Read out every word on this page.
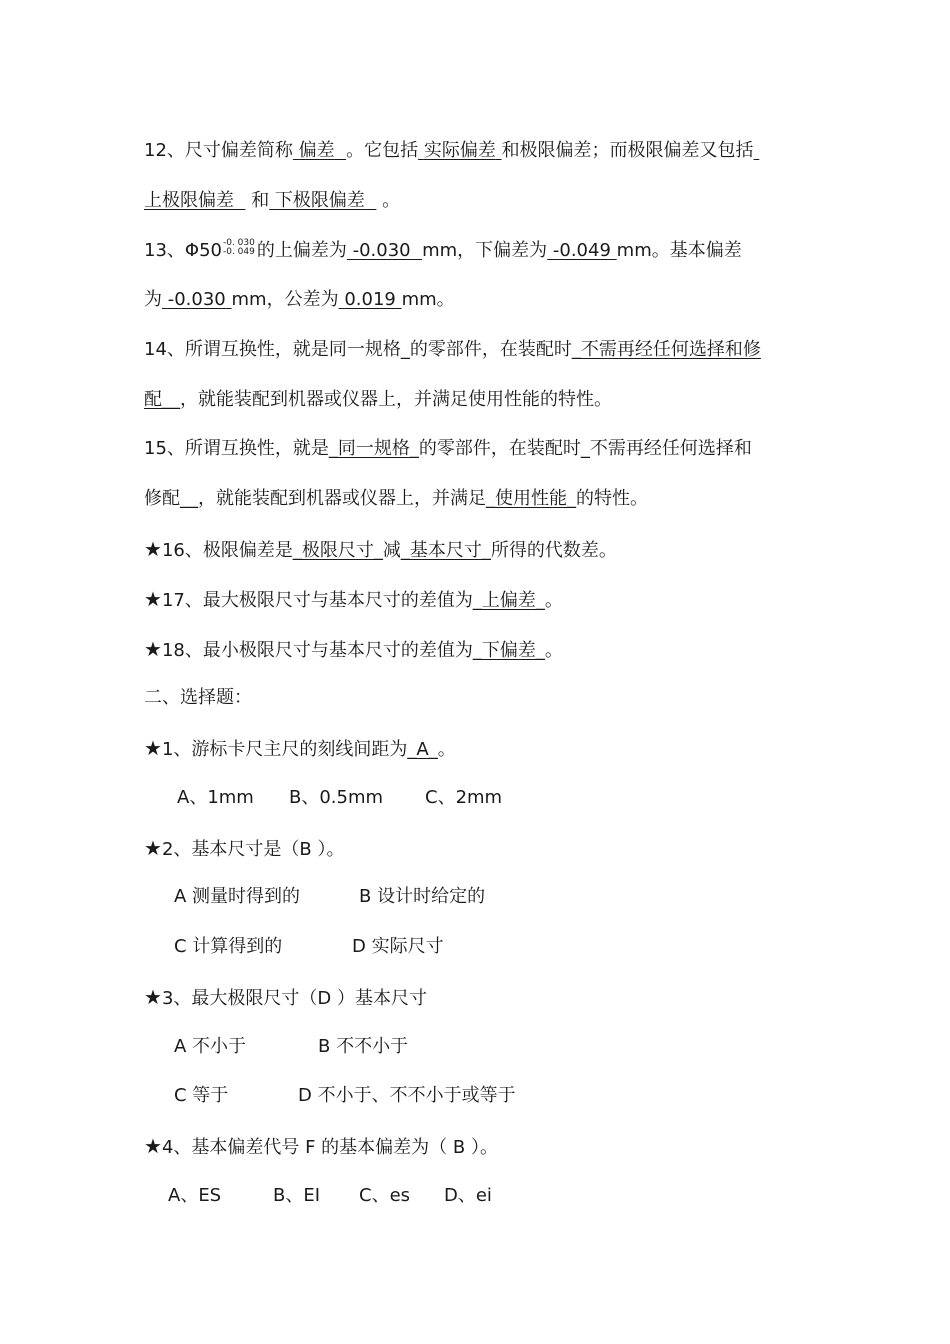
12、尺寸偏差简称 偏差 。它包括 实际偏差 和极限偏差；而极限偏差又包括
上极限偏差 和 下极限偏差 。
13、Φ50 -0. 030
-0. 049 的上偏差为 -0.030 mm，下偏差为 -0.049 mm。基本偏差
为 -0.030 mm，公差为 0.019 mm。
14、所谓互换性，就是同一规格_的零部件，在装配时_不需再经任何选择和修
配__，就能装配到机器或仪器上，并满足使用性能的特性。
15、所谓互换性，就是_同一规格_的零部件，在装配时_不需再经任何选择和
修配__，就能装配到机器或仪器上，并满足_使用性能_的特性。
★16、极限偏差是_极限尺寸_减_基本尺寸_所得的代数差。
★17、最大极限尺寸与基本尺寸的差值为_上偏差_。
★18、最小极限尺寸与基本尺寸的差值为_下偏差_。
二、选择题：
★1、游标卡尺主尺的刻线间距为_A_。
A、1mm B、0.5mm C、2mm
★2、基本尺寸是（B ）。
A 测量时得到的	B 设计时给定的
C 计算得到的	D 实际尺寸
★3、最大极限尺寸（D ）基本尺寸
A 不小于	B 不不小于
C 等于	D 不小于、不不小于或等于
★4、基本偏差代号 F 的基本偏差为（ B ）。
A、ES	B、EI C、es D、ei
